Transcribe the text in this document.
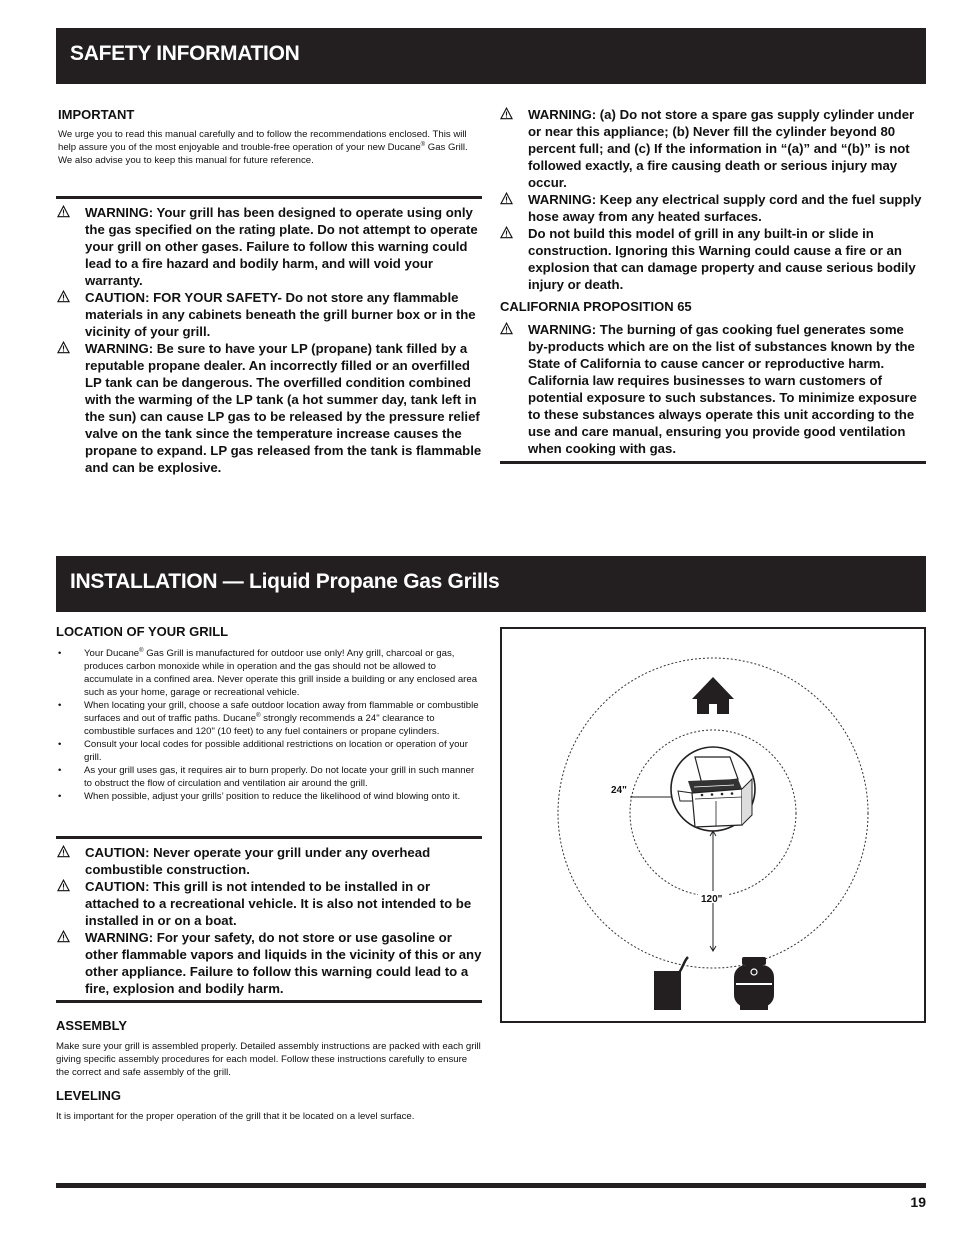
SAFETY INFORMATION

IMPORTANT

We urge you to read this manual carefully and to follow the recommendations enclosed. This will help assure you of the most enjoyable and trouble-free operation of your new Ducane® Gas Grill. We also advise you to keep this manual for future reference.

WARNING: Your grill has been designed to operate using only the gas specified on the rating plate. Do not attempt to operate your grill on other gases. Failure to follow this warning could lead to a fire hazard and bodily harm, and will void your warranty.
CAUTION: FOR YOUR SAFETY- Do not store any flammable materials in any cabinets beneath the grill burner box or in the vicinity of your grill.
WARNING: Be sure to have your LP (propane) tank filled by a reputable propane dealer. An incorrectly filled or an overfilled LP tank can be dangerous. The overfilled condition combined with the warming of the LP tank (a hot summer day, tank left in the sun) can cause LP gas to be released by the pressure relief valve on the tank since the temperature increase causes the propane to expand. LP gas released from the tank is flammable and can be explosive.
WARNING: (a) Do not store a spare gas supply cylinder under or near this appliance; (b) Never fill the cylinder beyond 80 percent full; and (c) If the information in “(a)” and “(b)” is not followed exactly, a fire causing death or serious injury may occur.
WARNING: Keep any electrical supply cord and the fuel supply hose away from any heated surfaces.
Do not build this model of grill in any built-in or slide in construction. Ignoring this Warning could cause a fire or an explosion that can damage property and cause serious bodily injury or death.

CALIFORNIA PROPOSITION 65

WARNING: The burning of gas cooking fuel generates some by-products which are on the list of substances known by the State of California to cause cancer or reproductive harm. California law requires businesses to warn customers of potential exposure to such substances. To minimize exposure to these substances always operate this unit according to the use and care manual, ensuring you provide good ventilation when cooking with gas.
INSTALLATION — Liquid Propane Gas Grills

LOCATION OF YOUR GRILL

• Your Ducane® Gas Grill is manufactured for outdoor use only! Any grill, charcoal or gas, produces carbon monoxide while in operation and the gas should not be allowed to accumulate in a confined area. Never operate this grill inside a building or any enclosed area such as your home, garage or recreational vehicle.
• When locating your grill, choose a safe outdoor location away from flammable or combustible surfaces and out of traffic paths. Ducane® strongly recommends a 24" clearance to combustible surfaces and 120" (10 feet) to any fuel containers or propane cylinders.
• Consult your local codes for possible additional restrictions on location or operation of your grill.
• As your grill uses gas, it requires air to burn properly. Do not locate your grill in such manner to obstruct the flow of circulation and ventilation air around the grill.
• When possible, adjust your grills’ position to reduce the likelihood of wind blowing onto it.
CAUTION: Never operate your grill under any overhead combustible construction.
CAUTION: This grill is not intended to be installed in or attached to a recreational vehicle. It is also not intended to be installed in or on a boat.
WARNING: For your safety, do not store or use gasoline or other flammable vapors and liquids in the vicinity of this or any other appliance. Failure to follow this warning could lead to a fire, explosion and bodily harm.

ASSEMBLY

Make sure your grill is assembled properly. Detailed assembly instructions are packed with each grill giving specific assembly procedures for each model. Follow these instructions carefully to ensure the correct and safe assembly of the grill.

LEVELING

It is important for the proper operation of the grill that it be located on a level surface.

24"
120"
19
